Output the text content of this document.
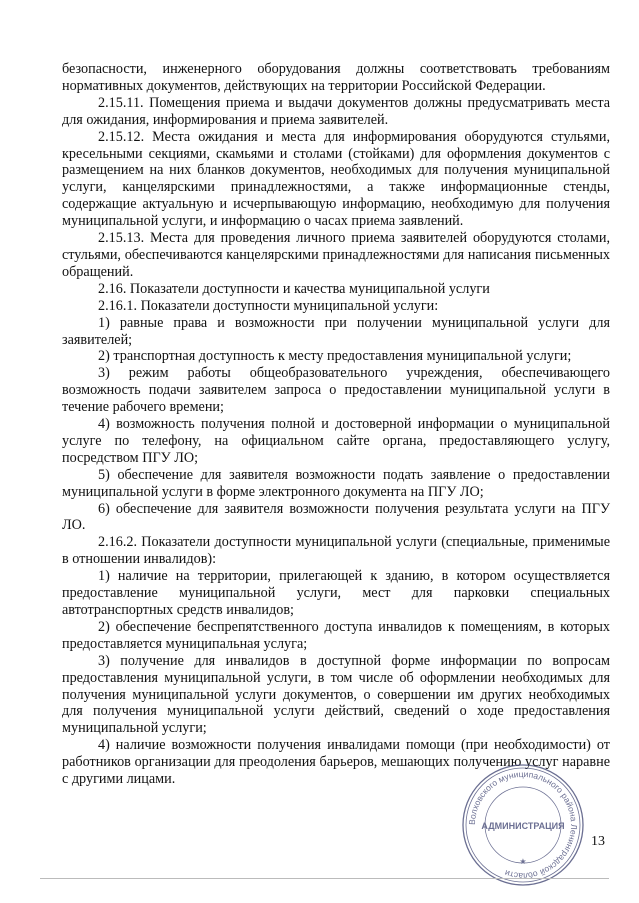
безопасности, инженерного оборудования должны соответствовать требованиям нормативных документов, действующих на территории Российской Федерации.

2.15.11. Помещения приема и выдачи документов должны предусматривать места для ожидания, информирования и приема заявителей.

2.15.12. Места ожидания и места для информирования оборудуются стульями, кресельными секциями, скамьями и столами (стойками) для оформления документов с размещением на них бланков документов, необходимых для получения муниципальной услуги, канцелярскими принадлежностями, а также информационные стенды, содержащие актуальную и исчерпывающую информацию, необходимую для получения муниципальной услуги, и информацию о часах приема заявлений.

2.15.13. Места для проведения личного приема заявителей оборудуются столами, стульями, обеспечиваются канцелярскими принадлежностями для написания письменных обращений.

2.16. Показатели доступности и качества муниципальной услуги

2.16.1. Показатели доступности муниципальной услуги:

1) равные права и возможности при получении муниципальной услуги для заявителей;

2) транспортная доступность к месту предоставления муниципальной услуги;

3) режим работы общеобразовательного учреждения, обеспечивающего возможность подачи заявителем запроса о предоставлении муниципальной услуги в течение рабочего времени;

4) возможность получения полной и достоверной информации о муниципальной услуге по телефону, на официальном сайте органа, предоставляющего услугу, посредством ПГУ ЛО;

5) обеспечение для заявителя возможности подать заявление о предоставлении муниципальной услуги в форме электронного документа на ПГУ ЛО;

6) обеспечение для заявителя возможности получения результата услуги на ПГУ ЛО.

2.16.2. Показатели доступности муниципальной услуги (специальные, применимые в отношении инвалидов):

1) наличие на территории, прилегающей к зданию, в котором осуществляется предоставление муниципальной услуги, мест для парковки специальных автотранспортных средств инвалидов;

2) обеспечение беспрепятственного доступа инвалидов к помещениям, в которых предоставляется муниципальная услуга;

3) получение для инвалидов в доступной форме информации по вопросам предоставления муниципальной услуги, в том числе об оформлении необходимых для получения муниципальной услуги документов, о совершении им других необходимых для получения муниципальной услуги действий, сведений о ходе предоставления муниципальной услуги;

4) наличие возможности получения инвалидами помощи (при необходимости) от работников организации для преодоления барьеров, мешающих получению услуг наравне с другими лицами.

13
Волховского муниципального района Ленинградской области
АДМИНИСТРАЦИЯ
★
